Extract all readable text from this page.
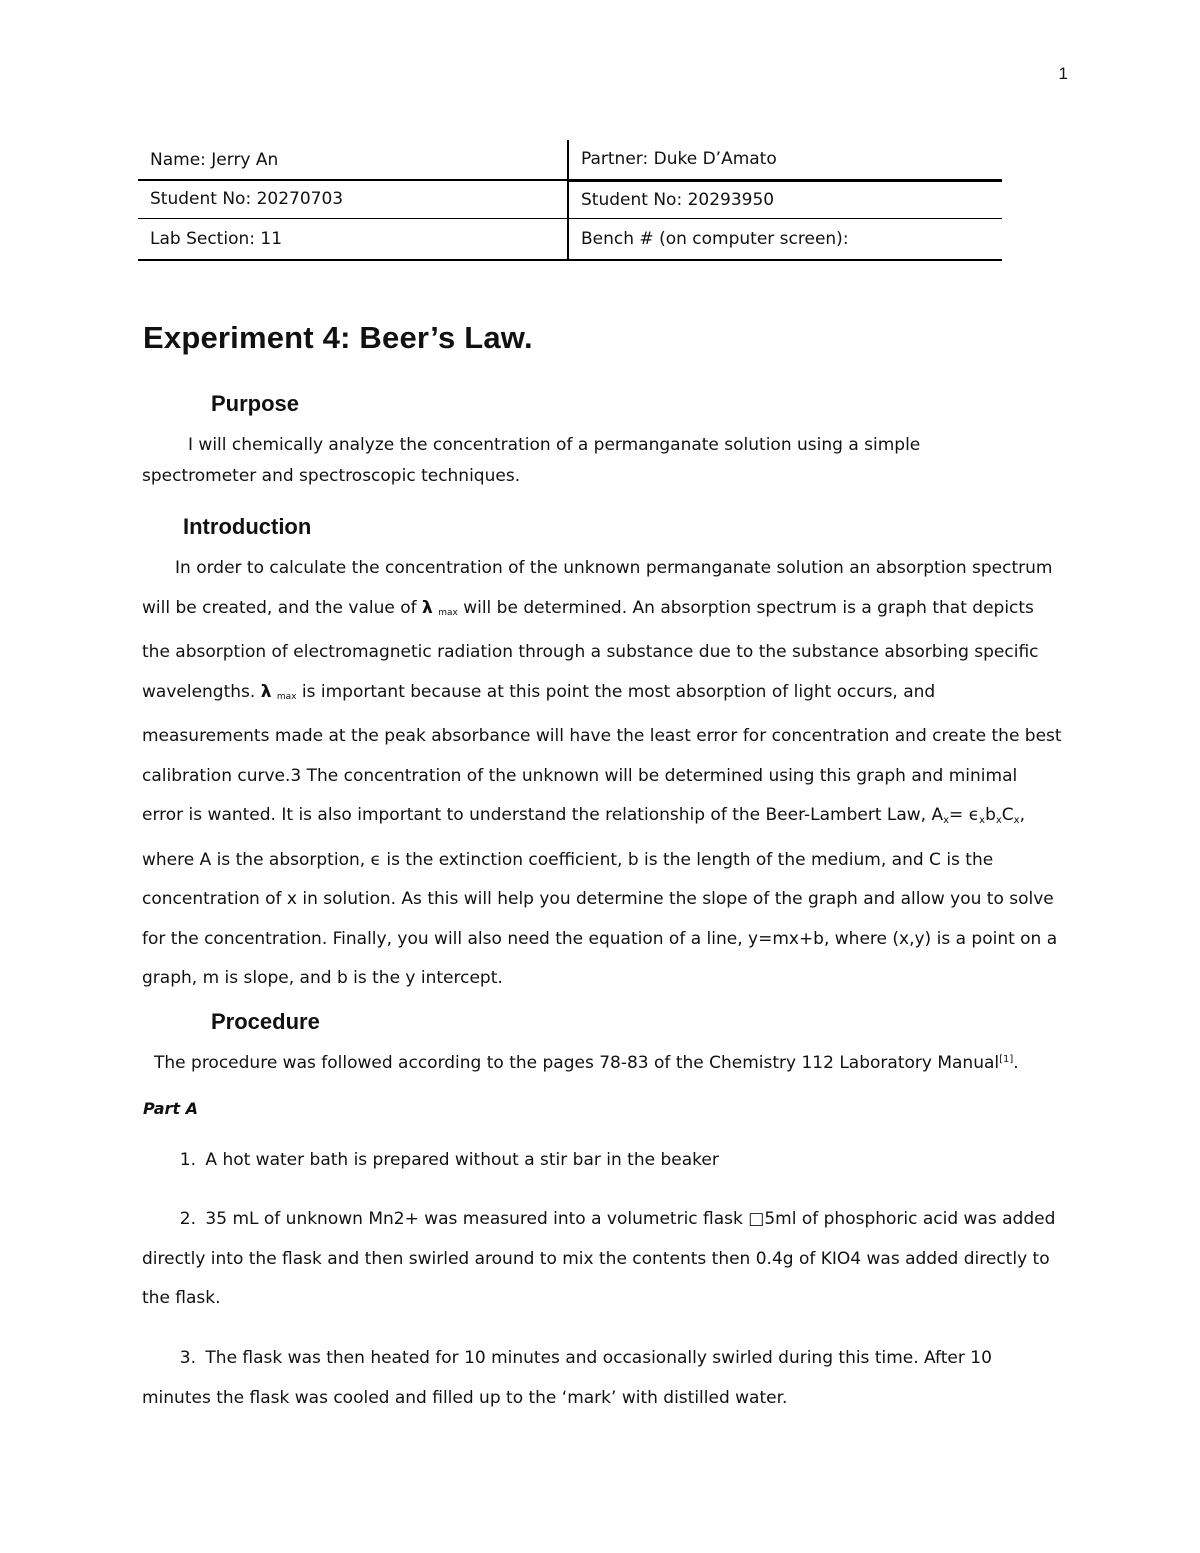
1
Name: Jerry An	Partner: Duke D’Amato
Student No: 20270703	Student No: 20293950
Lab Section: 11	Bench # (on computer screen):
Experiment 4: Beer’s Law.
Purpose

I will chemically analyze the concentration of a permanganate solution using a simple
spectrometer and spectroscopic techniques.

Introduction

In order to calculate the concentration of the unknown permanganate solution an absorption spectrum will be created, and the value of λ max will be determined. An absorption spectrum is a graph that depicts the absorption of electromagnetic radiation through a substance due to the substance absorbing specific wavelengths. λ max is important because at this point the most absorption of light occurs, and measurements made at the peak absorbance will have the least error for concentration and create the best calibration curve.3 The concentration of the unknown will be determined using this graph and minimal error is wanted. It is also important to understand the relationship of the Beer-Lambert Law, $A_x= \epsilon_xb_xC_x$, where A is the absorption, ϵ is the extinction coefficient, b is the length of the medium, and C is the concentration of x in solution. As this will help you determine the slope of the graph and allow you to solve for the concentration. Finally, you will also need the equation of a line, y=mx+b, where (x,y) is a point on a graph, m is slope, and b is the y intercept.

Procedure

The procedure was followed according to the pages 78-83 of the Chemistry 112 Laboratory Manual[1].

Part A

1. A hot water bath is prepared without a stir bar in the beaker

2. 35 mL of unknown Mn2+ was measured into a volumetric flask □5ml of phosphoric acid was added directly into the flask and then swirled around to mix the contents then 0.4g of KIO4 was added directly to the flask.

3. The flask was then heated for 10 minutes and occasionally swirled during this time. After 10 minutes the flask was cooled and filled up to the ‘mark’ with distilled water.
